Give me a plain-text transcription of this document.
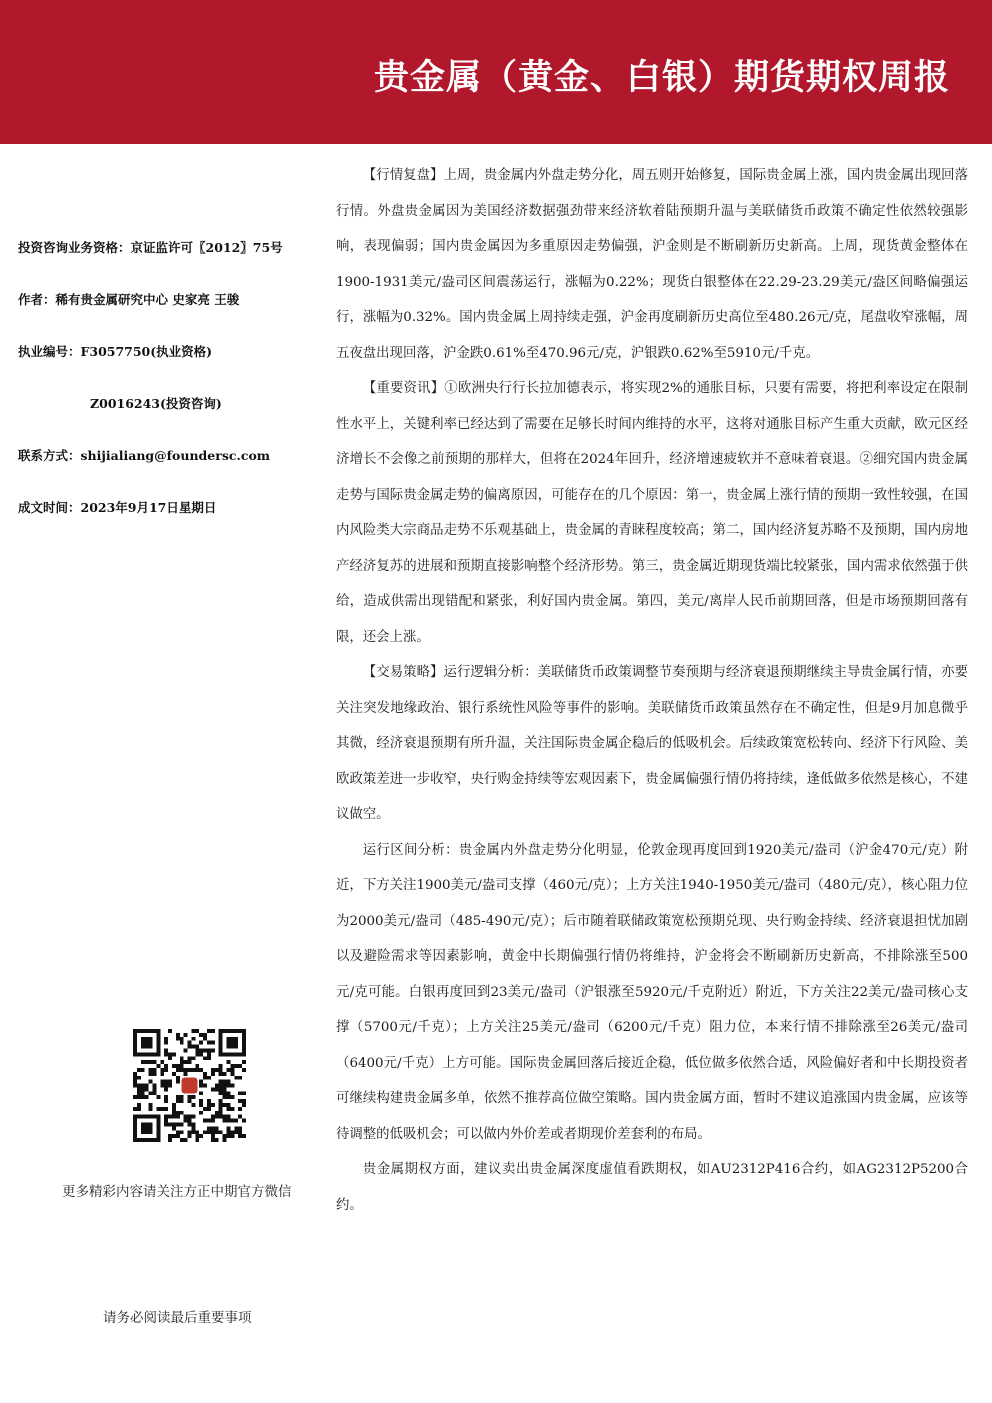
贵金属（黄金、白银）期货期权周报
投资咨询业务资格：京证监许可〖2012〗75号
作者：稀有贵金属研究中心 史家亮 王骏
执业编号：F3057750(执业资格)
Z0016243(投资咨询)
联系方式：shijialiang@foundersc.com
成文时间：2023年9月17日星期日
更多精彩内容请关注方正中期官方微信
请务必阅读最后重要事项

【行情复盘】上周，贵金属内外盘走势分化，周五则开始修复，国际贵金属上涨，国内贵金属出现回落行情。外盘贵金属因为美国经济数据强劲带来经济软着陆预期升温与美联储货币政策不确定性依然较强影响，表现偏弱；国内贵金属因为多重原因走势偏强，沪金则是不断刷新历史新高。上周，现货黄金整体在1900-1931美元/盎司区间震荡运行，涨幅为0.22%；现货白银整体在22.29-23.29美元/盎区间略偏强运行，涨幅为0.32%。国内贵金属上周持续走强，沪金再度刷新历史高位至480.26元/克，尾盘收窄涨幅，周五夜盘出现回落，沪金跌0.61%至470.96元/克，沪银跌0.62%至5910元/千克。

【重要资讯】①欧洲央行行长拉加德表示，将实现2%的通胀目标，只要有需要，将把利率设定在限制性水平上，关键利率已经达到了需要在足够长时间内维持的水平，这将对通胀目标产生重大贡献，欧元区经济增长不会像之前预期的那样大，但将在2024年回升，经济增速疲软并不意味着衰退。②细究国内贵金属走势与国际贵金属走势的偏离原因，可能存在的几个原因：第一，贵金属上涨行情的预期一致性较强，在国内风险类大宗商品走势不乐观基础上，贵金属的青睐程度较高；第二，国内经济复苏略不及预期，国内房地产经济复苏的进展和预期直接影响整个经济形势。第三，贵金属近期现货端比较紧张，国内需求依然强于供给，造成供需出现错配和紧张，利好国内贵金属。第四，美元/离岸人民币前期回落，但是市场预期回落有限，还会上涨。

【交易策略】运行逻辑分析：美联储货币政策调整节奏预期与经济衰退预期继续主导贵金属行情，亦要关注突发地缘政治、银行系统性风险等事件的影响。美联储货币政策虽然存在不确定性，但是9月加息微乎其微，经济衰退预期有所升温，关注国际贵金属企稳后的低吸机会。后续政策宽松转向、经济下行风险、美欧政策差进一步收窄，央行购金持续等宏观因素下，贵金属偏强行情仍将持续，逢低做多依然是核心，不建议做空。

运行区间分析：贵金属内外盘走势分化明显，伦敦金现再度回到1920美元/盎司（沪金470元/克）附近，下方关注1900美元/盎司支撑（460元/克）；上方关注1940-1950美元/盎司（480元/克），核心阻力位为2000美元/盎司（485-490元/克）；后市随着联储政策宽松预期兑现、央行购金持续、经济衰退担忧加剧以及避险需求等因素影响，黄金中长期偏强行情仍将维持，沪金将会不断刷新历史新高，不排除涨至500元/克可能。白银再度回到23美元/盎司（沪银涨至5920元/千克附近）附近，下方关注22美元/盎司核心支撑（5700元/千克）；上方关注25美元/盎司（6200元/千克）阻力位，本来行情不排除涨至26美元/盎司（6400元/千克）上方可能。国际贵金属回落后接近企稳，低位做多依然合适，风险偏好者和中长期投资者可继续构建贵金属多单，依然不推荐高位做空策略。国内贵金属方面，暂时不建议追涨国内贵金属，应该等待调整的低吸机会；可以做内外价差或者期现价差套利的布局。

贵金属期权方面，建议卖出贵金属深度虚值看跌期权，如AU2312P416合约，如AG2312P5200合约。
